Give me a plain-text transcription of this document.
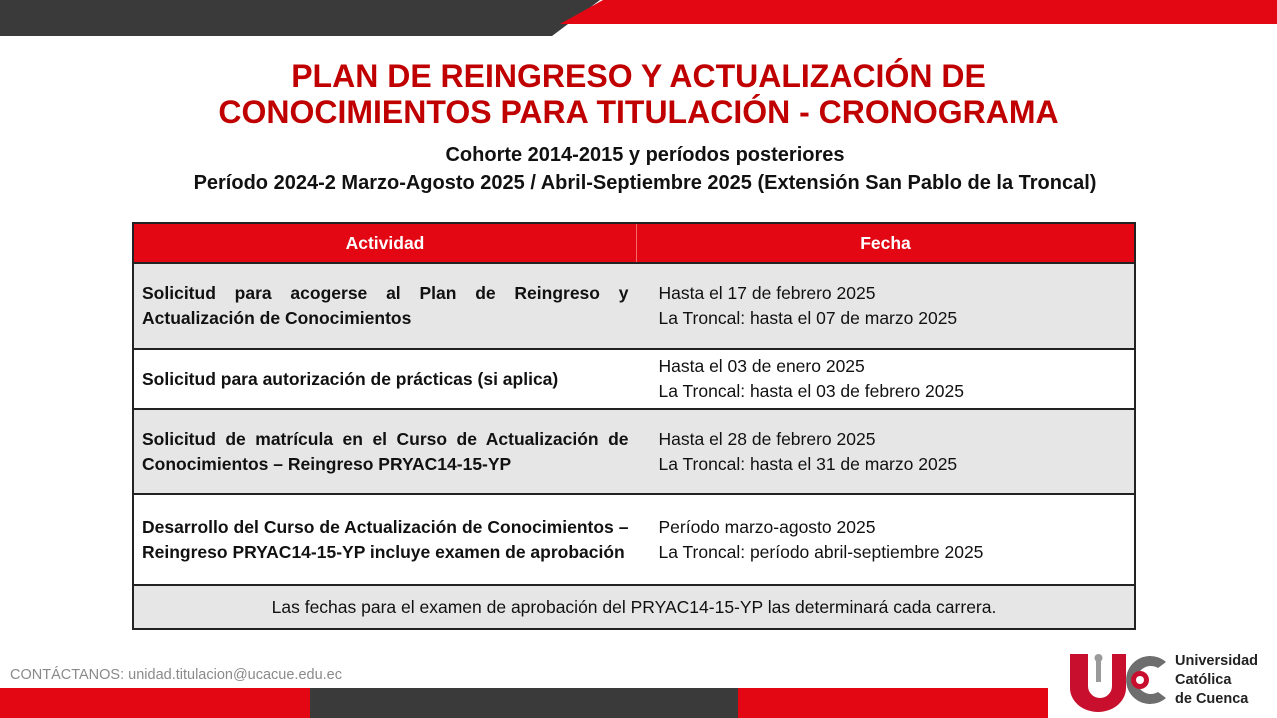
PLAN DE REINGRESO Y ACTUALIZACIÓN DE
CONOCIMIENTOS PARA TITULACIÓN - CRONOGRAMA
Cohorte 2014-2015 y períodos posteriores
Período 2024-2 Marzo-Agosto 2025 / Abril-Septiembre 2025 (Extensión San Pablo de la Troncal)
Actividad	Fecha
Solicitud para acogerse al Plan de Reingreso y Actualización de Conocimientos	Hasta el 17 de febrero 2025
La Troncal: hasta el 07 de marzo 2025

Solicitud para autorización de prácticas (si aplica)	Hasta el 03 de enero 2025
La Troncal: hasta el 03 de febrero 2025

Solicitud de matrícula en el Curso de Actualización de Conocimientos – Reingreso PRYAC14-15-YP	Hasta el 28 de febrero 2025
La Troncal: hasta el 31 de marzo 2025

Desarrollo del Curso de Actualización de Conocimientos – Reingreso PRYAC14-15-YP incluye examen de aprobación	Período marzo-agosto 2025
La Troncal: período abril-septiembre 2025

Las fechas para el examen de aprobación del PRYAC14-15-YP las determinará cada carrera.	
CONTÁCTANOS: unidad.titulacion@ucacue.edu.ec
Universidad
Católica
de Cuenca
